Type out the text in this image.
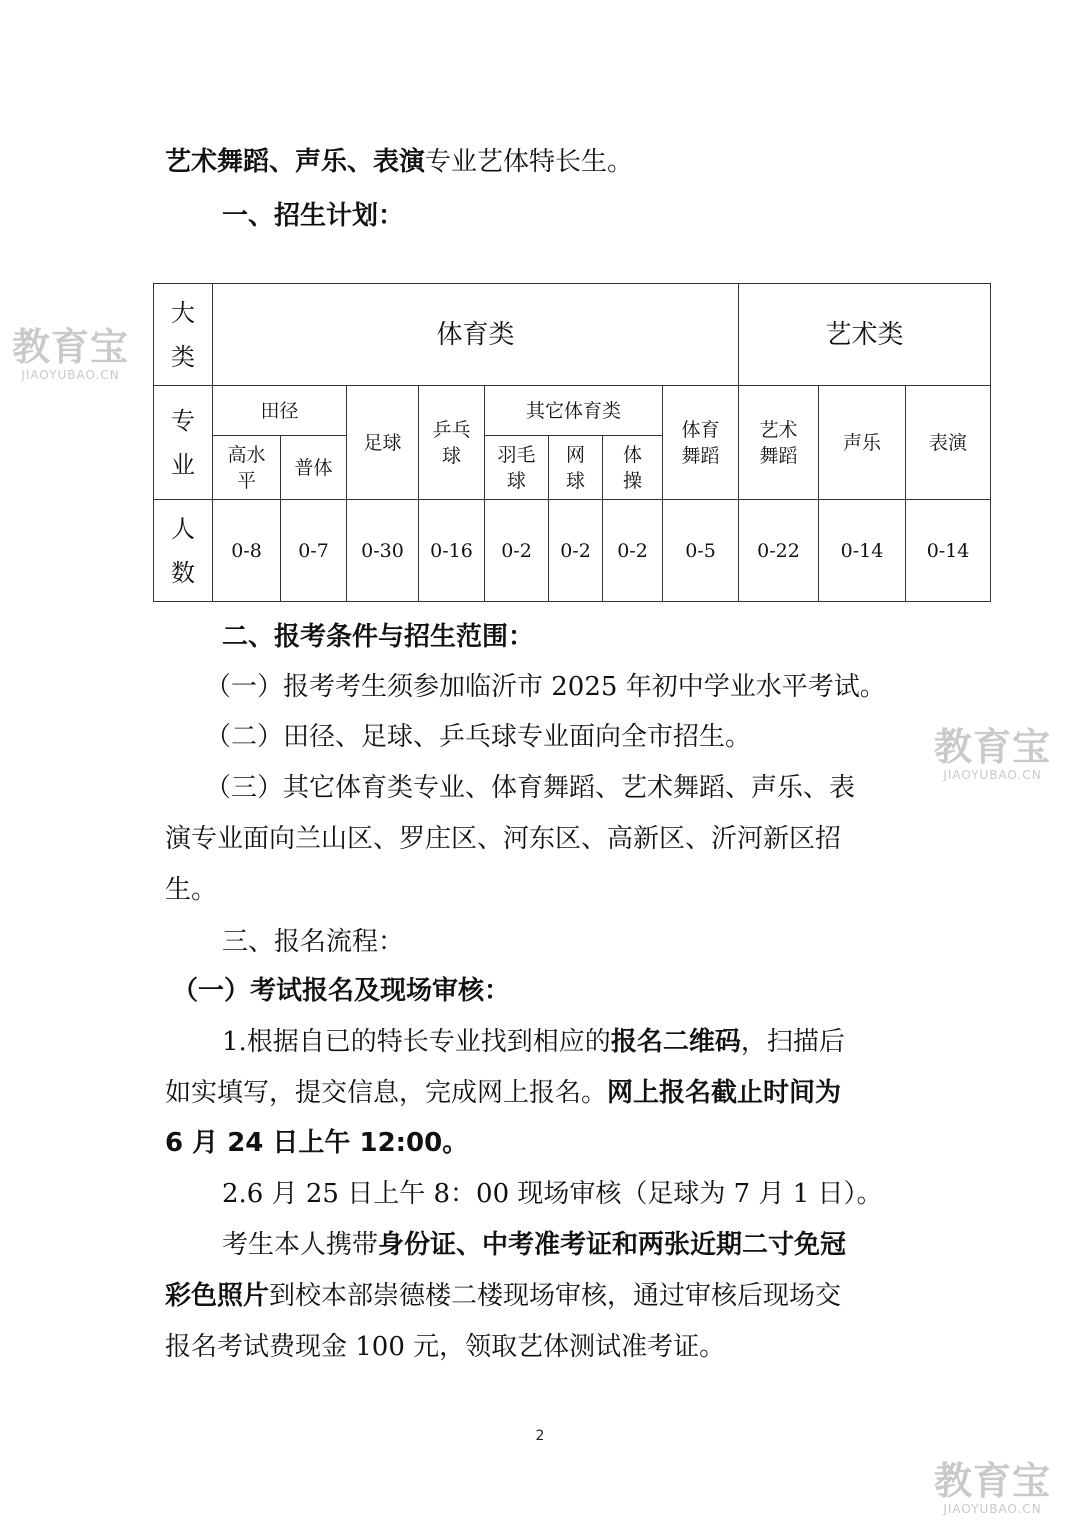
艺术舞蹈、声乐、表演专业艺体特长生。
一、招生计划：
大类	体育类								艺术类		

专业	田径		足球	乒乓球	其它体育类			体育舞蹈	艺术舞蹈	声乐	表演
	高水平	普体			羽毛球	网球	体操				

人数	0-8	0-7	0-30	0-16	0-2	0-2	0-2	0-5	0-22	0-14	0-14
二、报考条件与招生范围：
（一）报考考生须参加临沂市 2025 年初中学业水平考试。
（二）田径、足球、乒乓球专业面向全市招生。
（三）其它体育类专业、体育舞蹈、艺术舞蹈、声乐、表
演专业面向兰山区、罗庄区、河东区、高新区、沂河新区招
生。
三、报名流程：
（一）考试报名及现场审核：
1.根据自已的特长专业找到相应的报名二维码，扫描后
如实填写，提交信息，完成网上报名。网上报名截止时间为
6 月 24 日上午 12:00。
2.6 月 25 日上午 8：00 现场审核（足球为 7 月 1 日）。
考生本人携带身份证、中考准考证和两张近期二寸免冠
彩色照片到校本部崇德楼二楼现场审核，通过审核后现场交
报名考试费现金 100 元，领取艺体测试准考证。
2
教育宝
JIAOYUBAO.CN
教育宝
JIAOYUBAO.CN
教育宝
JIAOYUBAO.CN
